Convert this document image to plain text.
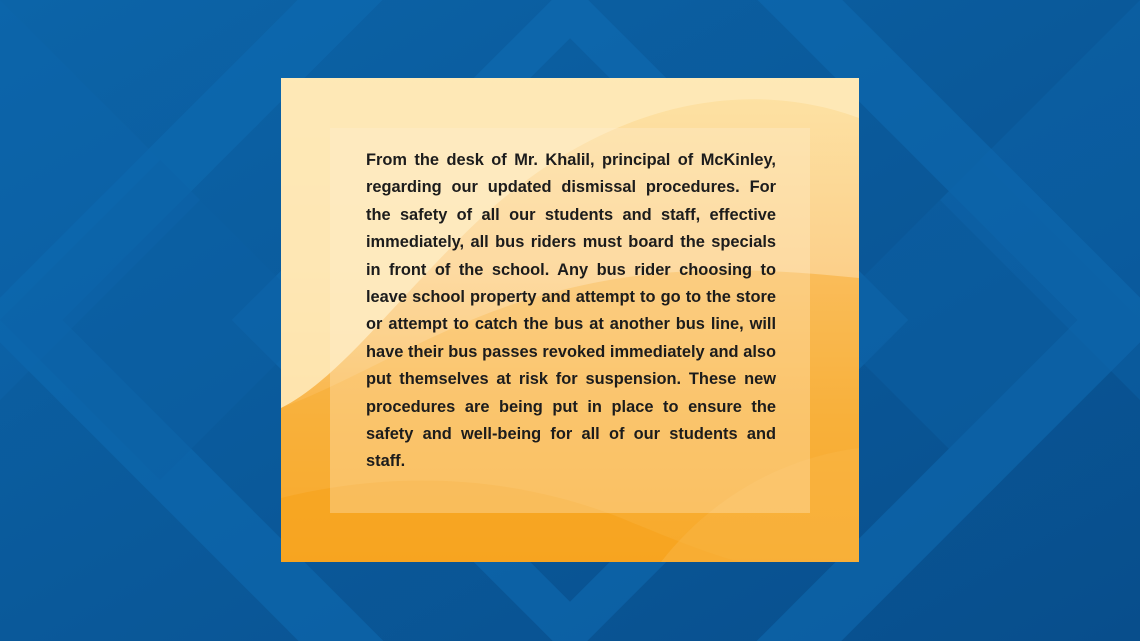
From the desk of Mr. Khalil, principal of McKinley, regarding our updated dismissal procedures. For the safety of all our students and staff, effective immediately, all bus riders must board the specials in front of the school. Any bus rider choosing to leave school property and attempt to go to the store or attempt to catch the bus at another bus line, will have their bus passes revoked immediately and also put themselves at risk for suspension. These new procedures are being put in place to ensure the safety and well-being for all of our students and staff.
